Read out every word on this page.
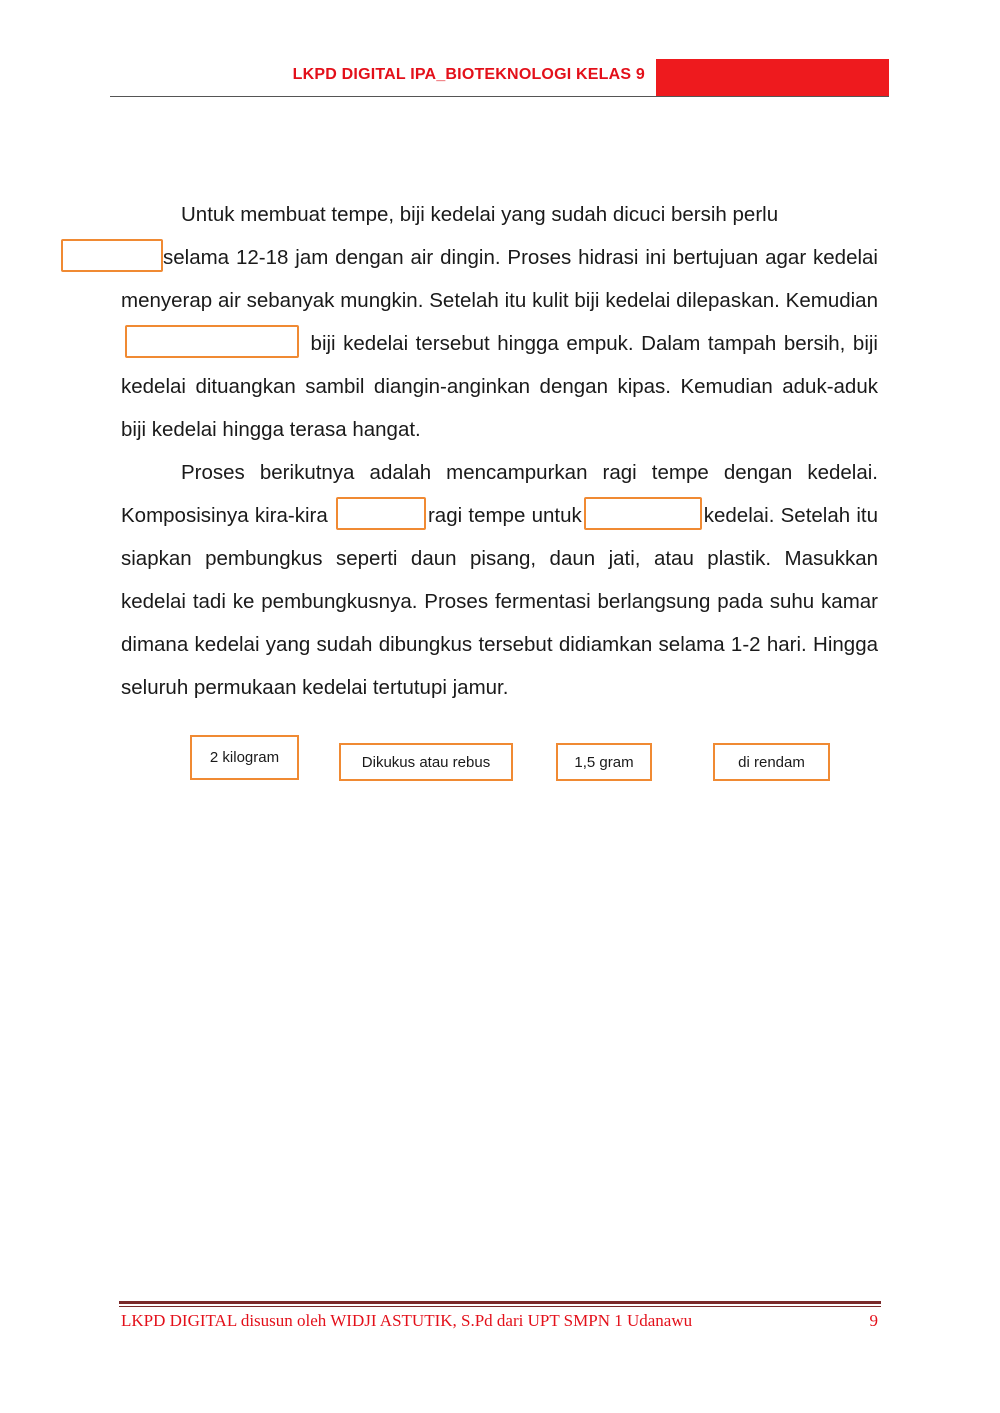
LKPD DIGITAL IPA_BIOTEKNOLOGI KELAS 9

Untuk membuat tempe, biji kedelai yang sudah dicuci bersih perlu
selama 12-18 jam dengan air dingin. Proses hidrasi ini bertujuan agar kedelai menyerap air sebanyak mungkin. Setelah itu kulit biji kedelai dilepaskan. Kemudian  biji kedelai tersebut hingga empuk. Dalam tampah bersih, biji kedelai dituangkan sambil diangin-anginkan dengan kipas. Kemudian aduk-aduk biji kedelai hingga terasa hangat.

Proses berikutnya adalah mencampurkan ragi tempe dengan kedelai. Komposisinya kira-kira	ragi tempe untuk	kedelai. Setelah itu siapkan pembungkus seperti daun pisang, daun jati, atau plastik. Masukkan kedelai tadi ke pembungkusnya. Proses fermentasi berlangsung pada suhu kamar dimana kedelai yang sudah dibungkus tersebut didiamkan selama 1-2 hari. Hingga seluruh permukaan kedelai tertutupi jamur.

2 kilogram	Dikukus atau rebus	1,5 gram	di rendam
LKPD DIGITAL disusun oleh WIDJI ASTUTIK, S.Pd dari UPT SMPN 1 Udanawu	9
